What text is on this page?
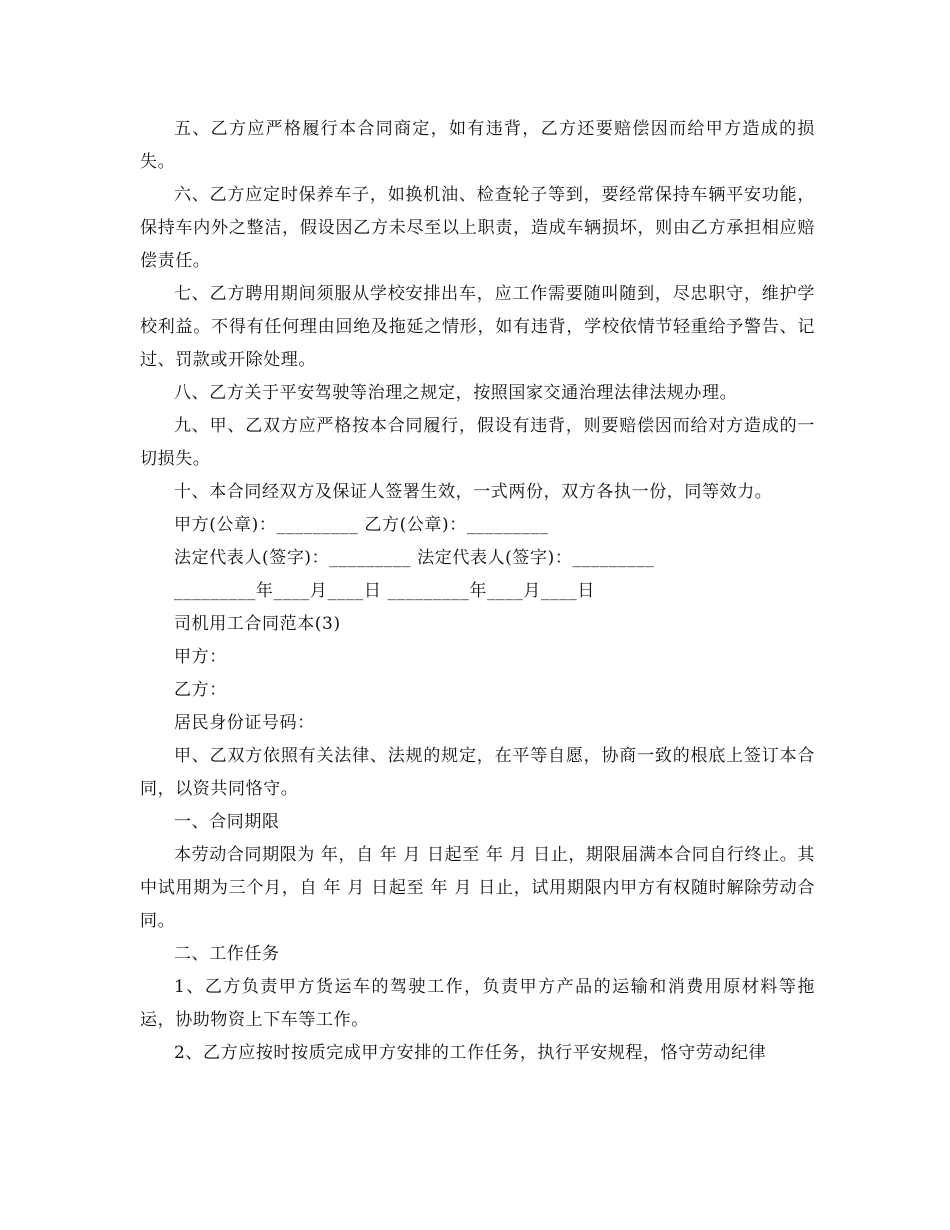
五、乙方应严格履行本合同商定，如有违背，乙方还要赔偿因而给甲方造成的损失。

六、乙方应定时保养车子，如换机油、检查轮子等到，要经常保持车辆平安功能，保持车内外之整洁，假设因乙方未尽至以上职责，造成车辆损坏，则由乙方承担相应赔偿责任。

七、乙方聘用期间须服从学校安排出车，应工作需要随叫随到，尽忠职守，维护学校利益。不得有任何理由回绝及拖延之情形，如有违背，学校依情节轻重给予警告、记过、罚款或开除处理。

八、乙方关于平安驾驶等治理之规定，按照国家交通治理法律法规办理。

九、甲、乙双方应严格按本合同履行，假设有违背，则要赔偿因而给对方造成的一切损失。

十、本合同经双方及保证人签署生效，一式两份，双方各执一份，同等效力。

甲方(公章)：_________ 乙方(公章)：_________

法定代表人(签字)：_________ 法定代表人(签字)：_________

_________年____月____日 _________年____月____日

司机用工合同范本(3)

甲方：

乙方：

居民身份证号码：

甲、乙双方依照有关法律、法规的规定，在平等自愿，协商一致的根底上签订本合同，以资共同恪守。

一、合同期限

本劳动合同期限为 年，自 年 月 日起至 年 月 日止，期限届满本合同自行终止。其中试用期为三个月，自 年 月 日起至 年 月 日止，试用期限内甲方有权随时解除劳动合同。

二、工作任务

1、乙方负责甲方货运车的驾驶工作，负责甲方产品的运输和消费用原材料等拖运，协助物资上下车等工作。

2、乙方应按时按质完成甲方安排的工作任务，执行平安规程，恪守劳动纪律
